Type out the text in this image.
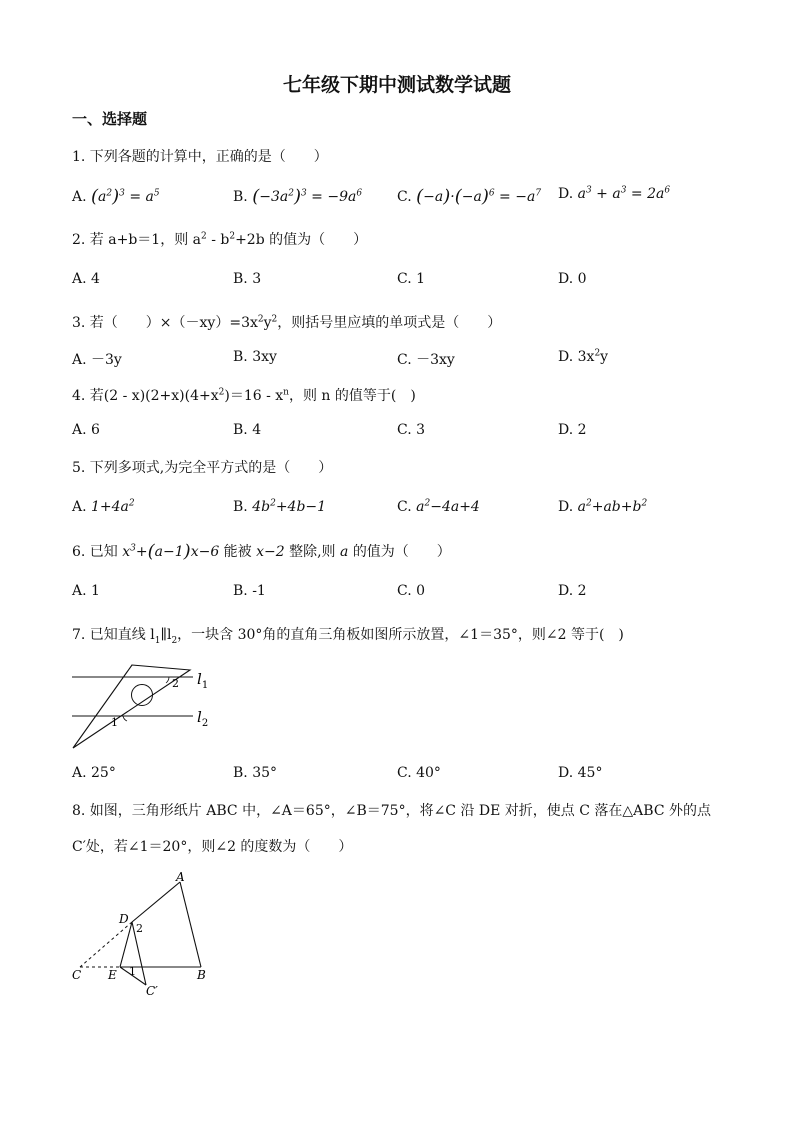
七年级下期中测试数学试题
一、选择题
1. 下列各题的计算中，正确的是（　　）
A. $(a^2)^3 = a^5$	B. $(-3a^2)^3 = -9a^6$ C. $(-a)\cdot(-a)^6 = -a^7$ D. $a^3 + a^3 = 2a^6$
2. 若 a+b＝1，则 $a^2 - b^2+2b$ 的值为（　　）
A. 4	B. 3	C. 1	D. 0
3. 若（　　）$\times(-xy)=3x^2y^2$，则括号里应填的单项式是（　　）
A. －3y	B. 3xy	C. －3xy	D. $3x^2y$
4. 若$(2 - x)(2+x)(4+x^2)=16 - x^n$，则 n 的值等于(　)
A. 6	B. 4	C. 3	D. 2
5. 下列多项式,为完全平方式的是（　　）
A. $1+4a^2$	B. $4b^2+4b-1$	C. $a^2-4a+4$	D. $a^2+ab+b^2$
6. 已知 $x^3+(a-1)x-6$ 能被 x−2 整除,则 a 的值为（　　）
A. 1	B. -1	C. 0	D. 2
7. 已知直线 $l_1\parallel l_2$，一块含 30°角的直角三角板如图所示放置，∠1＝35°，则∠2 等于(　)
2
1
$l_1$
$l_2$
A. 25°	B. 35°	C. 40°	D. 45°
8. 如图，三角形纸片 ABC 中，∠A＝65°，∠B＝75°，将∠C 沿 DE 对折，使点 C 落在△ABC 外的点 C′处，若∠1＝20°，则∠2 的度数为（　　）
A
B
C
D
E
C′
2
1
